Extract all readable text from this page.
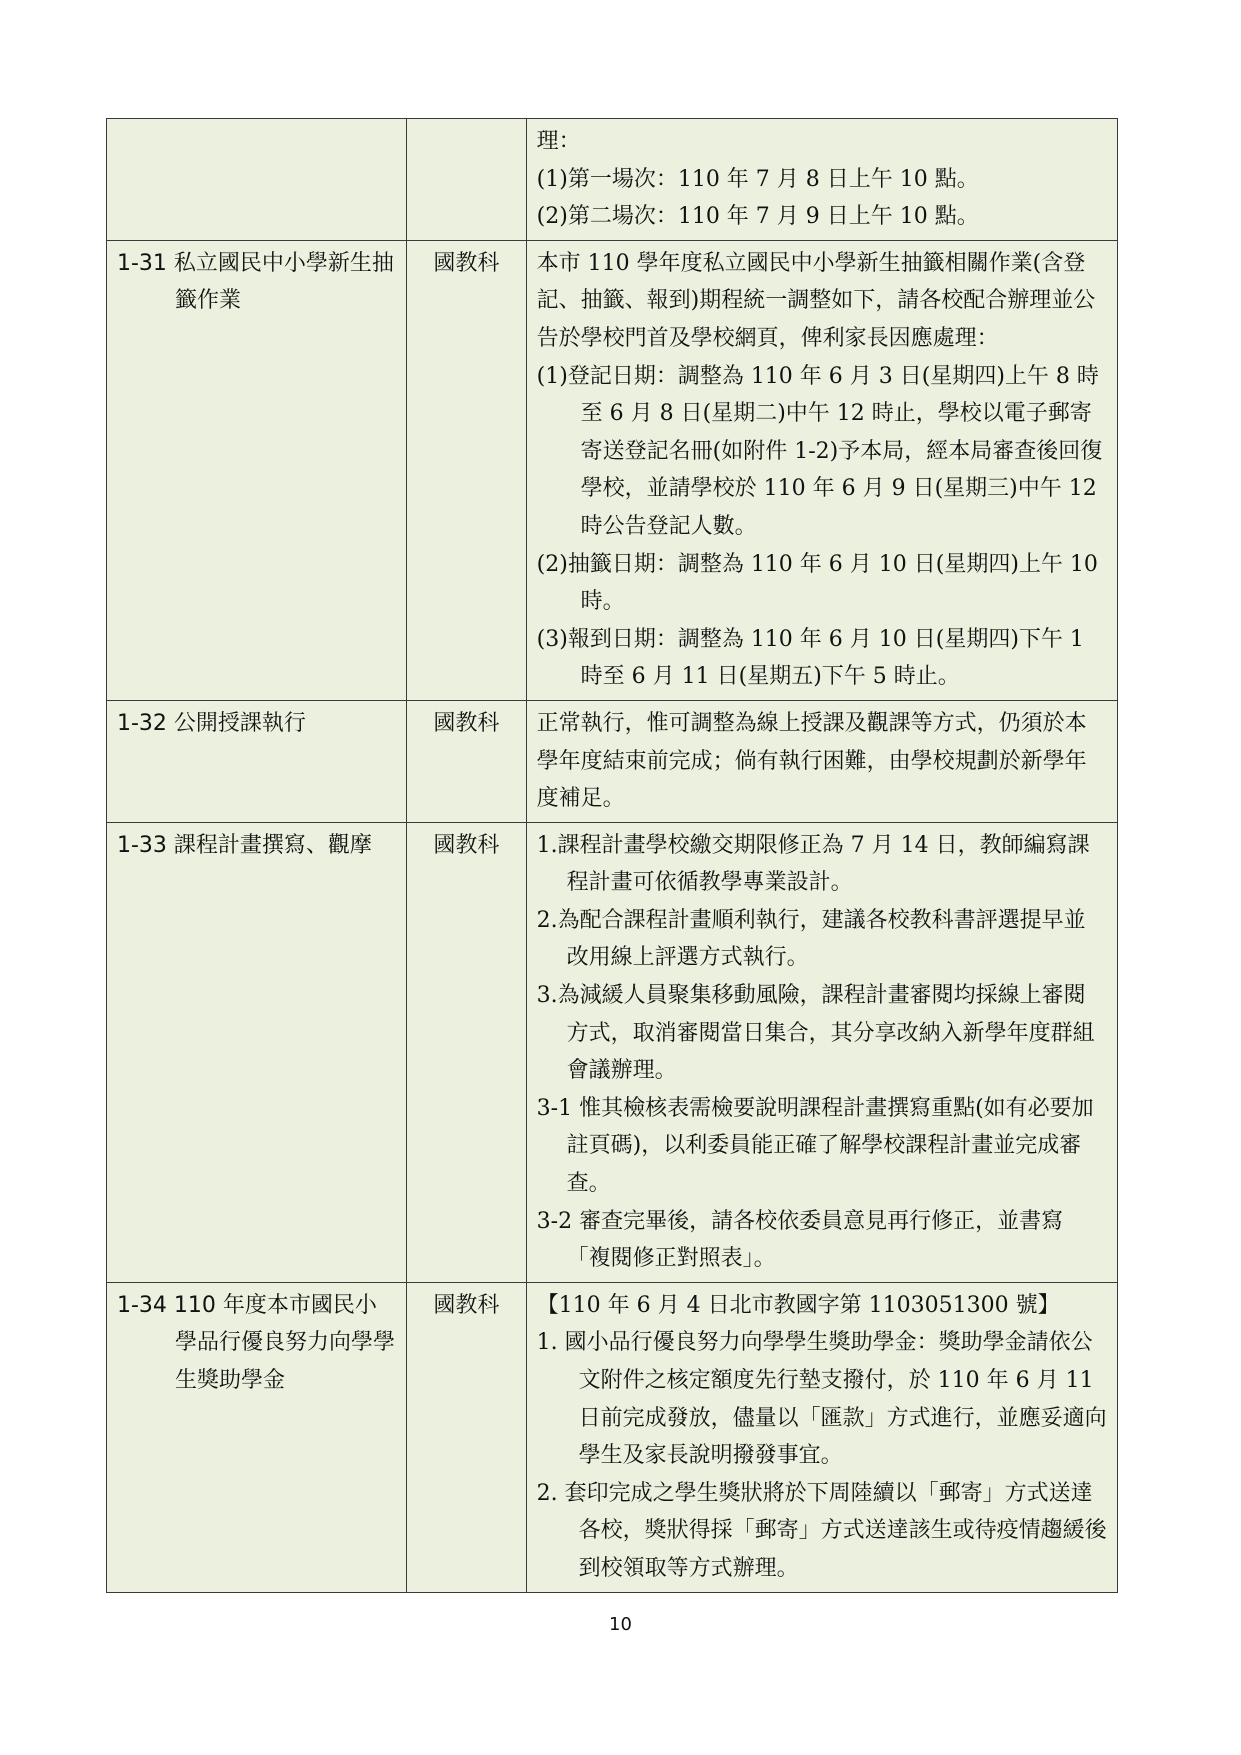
		理：
(1)第一場次：110 年 7 月 8 日上午 10 點。
(2)第二場次：110 年 7 月 9 日上午 10 點。

1-31 私立國民中小學新生抽籤作業	國教科	本市 110 學年度私立國民中小學新生抽籤相關作業(含登記、抽籤、報到)期程統一調整如下，請各校配合辦理並公告於學校門首及學校網頁，俾利家長因應處理：
(1)登記日期：調整為 110 年 6 月 3 日(星期四)上午 8 時至 6 月 8 日(星期二)中午 12 時止，學校以電子郵寄寄送登記名冊(如附件 1-2)予本局，經本局審查後回復學校，並請學校於 110 年 6 月 9 日(星期三)中午 12 時公告登記人數。
(2)抽籤日期：調整為 110 年 6 月 10 日(星期四)上午 10 時。
(3)報到日期：調整為 110 年 6 月 10 日(星期四)下午 1 時至 6 月 11 日(星期五)下午 5 時止。

1-32 公開授課執行	國教科	正常執行，惟可調整為線上授課及觀課等方式，仍須於本學年度結束前完成；倘有執行困難，由學校規劃於新學年度補足。

1-33 課程計畫撰寫、觀摩	國教科	1.課程計畫學校繳交期限修正為 7 月 14 日，教師編寫課程計畫可依循教學專業設計。
2.為配合課程計畫順利執行，建議各校教科書評選提早並改用線上評選方式執行。
3.為減緩人員聚集移動風險，課程計畫審閱均採線上審閱方式，取消審閱當日集合，其分享改納入新學年度群組會議辦理。
3-1 惟其檢核表需檢要說明課程計畫撰寫重點(如有必要加註頁碼)，以利委員能正確了解學校課程計畫並完成審查。
3-2 審查完畢後，請各校依委員意見再行修正，並書寫「複閱修正對照表」。

1-34 110 年度本市國民小學品行優良努力向學學生獎助學金	國教科	【110 年 6 月 4 日北市教國字第 1103051300 號】
1. 國小品行優良努力向學學生獎助學金：獎助學金請依公文附件之核定額度先行墊支撥付，於 110 年 6 月 11 日前完成發放，儘量以「匯款」方式進行，並應妥適向學生及家長說明撥發事宜。
2. 套印完成之學生獎狀將於下周陸續以「郵寄」方式送達各校，獎狀得採「郵寄」方式送達該生或待疫情趨緩後到校領取等方式辦理。
10
